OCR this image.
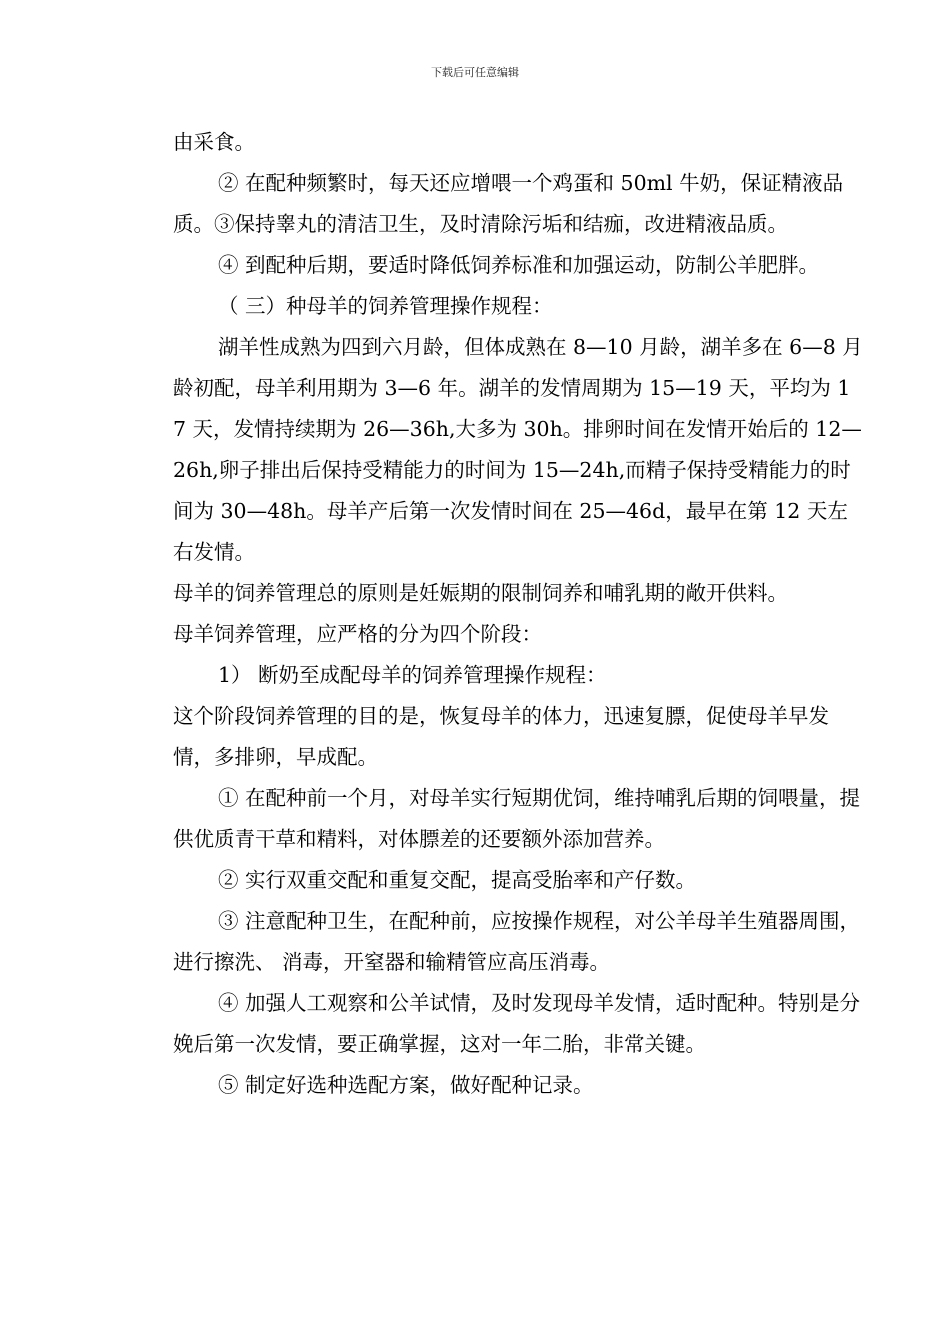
下载后可任意编辑

由采食。

② 在配种频繁时，每天还应增喂一个鸡蛋和 50ml 牛奶，保证精液品质。③保持睾丸的清洁卫生，及时清除污垢和结痂，改进精液品质。

④ 到配种后期，要适时降低饲养标准和加强运动，防制公羊肥胖。

（ 三）种母羊的饲养管理操作规程：

湖羊性成熟为四到六月龄，但体成熟在 8—10 月龄，湖羊多在 6—8 月龄初配，母羊利用期为 3—6 年。湖羊的发情周期为 15—19 天，平均为 17 天，发情持续期为 26—36h,大多为 30h。排卵时间在发情开始后的 12—26h,卵子排出后保持受精能力的时间为 15—24h,而精子保持受精能力的时间为 30—48h。母羊产后第一次发情时间在 25—46d，最早在第 12 天左右发情。

母羊的饲养管理总的原则是妊娠期的限制饲养和哺乳期的敞开供料。

母羊饲养管理，应严格的分为四个阶段：

1） 断奶至成配母羊的饲养管理操作规程：

这个阶段饲养管理的目的是，恢复母羊的体力，迅速复膘，促使母羊早发情，多排卵，早成配。

① 在配种前一个月，对母羊实行短期优饲，维持哺乳后期的饲喂量，提供优质青干草和精料，对体膘差的还要额外添加营养。

② 实行双重交配和重复交配，提高受胎率和产仔数。

③ 注意配种卫生，在配种前，应按操作规程，对公羊母羊生殖器周围，进行擦洗、 消毒，开窒器和输精管应高压消毒。

④ 加强人工观察和公羊试情，及时发现母羊发情，适时配种。特别是分娩后第一次发情，要正确掌握，这对一年二胎，非常关键。

⑤ 制定好选种选配方案，做好配种记录。
